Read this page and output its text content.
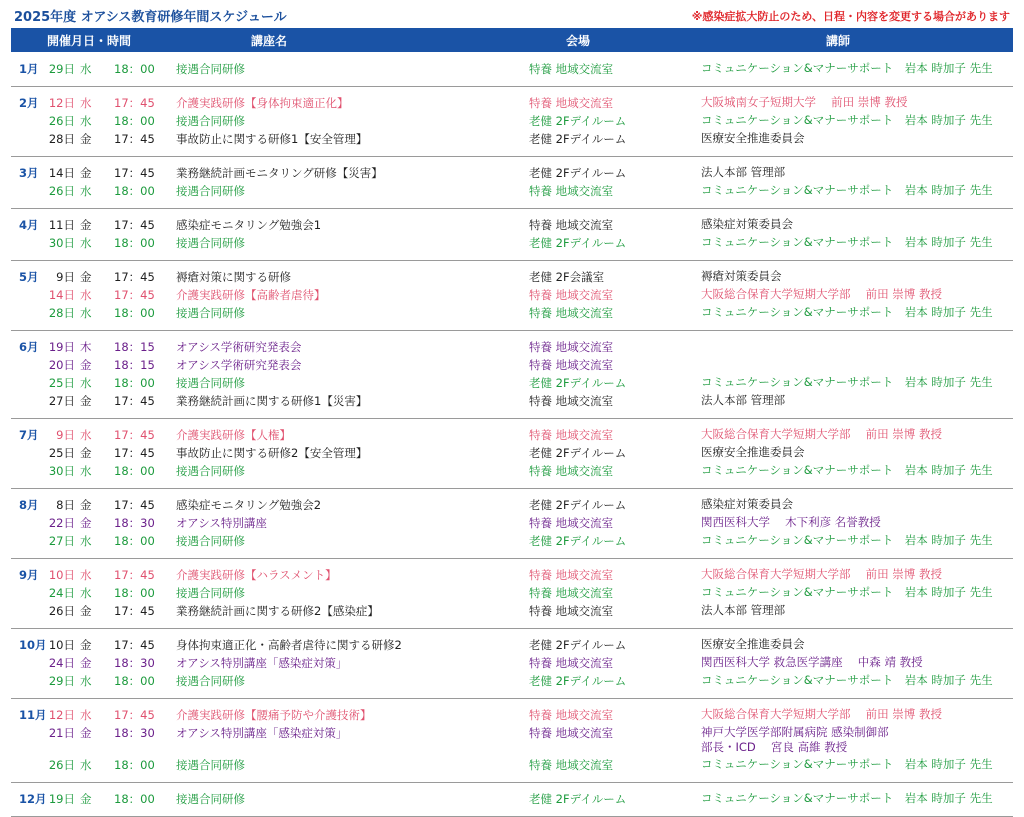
2025年度 オアシス教育研修年間スケジュール	※感染症拡大防止のため、日程・内容を変更する場合があります
開催月日・時間	講座名	会場	講師
1月 29日 水 18：00 接遇合同研修	特養 地域交流室	コミュニケーション&マナーサポート　岩本 時加子 先生
2月 12日 水 17：45 介護実践研修【身体拘束適正化】	特養 地域交流室	大阪城南女子短期大学　 前田 崇博 教授
26日 水 18：00 接遇合同研修	老健 2Fデイルーム	コミュニケーション&マナーサポート　岩本 時加子 先生
28日 金 17：45 事故防止に関する研修1【安全管理】	老健 2Fデイルーム	医療安全推進委員会
3月 14日 金 17：45 業務継続計画モニタリング研修【災害】	老健 2Fデイルーム	法人本部 管理部
26日 水 18：00 接遇合同研修	特養 地域交流室	コミュニケーション&マナーサポート　岩本 時加子 先生
4月 11日 金 17：45 感染症モニタリング勉強会1	特養 地域交流室	感染症対策委員会
30日 水 18：00 接遇合同研修	老健 2Fデイルーム	コミュニケーション&マナーサポート　岩本 時加子 先生
5月	9日 金 17：45 褥瘡対策に関する研修	老健 2F会議室	褥瘡対策委員会
14日 水 17：45 介護実践研修【高齢者虐待】	特養 地域交流室	大阪総合保育大学短期大学部　 前田 崇博 教授
28日 水 18：00 接遇合同研修	特養 地域交流室	コミュニケーション&マナーサポート　岩本 時加子 先生
6月 19日 木 18：15 オアシス学術研究発表会	特養 地域交流室
20日 金 18：15 オアシス学術研究発表会	特養 地域交流室
25日 水 18：00 接遇合同研修	老健 2Fデイルーム	コミュニケーション&マナーサポート　岩本 時加子 先生
27日 金 17：45 業務継続計画に関する研修1【災害】	特養 地域交流室	法人本部 管理部
7月	9日 水 17：45 介護実践研修【人権】	特養 地域交流室	大阪総合保育大学短期大学部　 前田 崇博 教授
25日 金 17：45 事故防止に関する研修2【安全管理】	老健 2Fデイルーム	医療安全推進委員会
30日 水 18：00 接遇合同研修	特養 地域交流室	コミュニケーション&マナーサポート　岩本 時加子 先生
8月	8日 金 17：45 感染症モニタリング勉強会2	老健 2Fデイルーム	感染症対策委員会
22日 金 18：30 オアシス特別講座	特養 地域交流室	関西医科大学　 木下利彦 名誉教授
27日 水 18：00 接遇合同研修	老健 2Fデイルーム	コミュニケーション&マナーサポート　岩本 時加子 先生
9月 10日 水 17：45 介護実践研修【ハラスメント】	特養 地域交流室	大阪総合保育大学短期大学部　 前田 崇博 教授
24日 水 18：00 接遇合同研修	特養 地域交流室	コミュニケーション&マナーサポート　岩本 時加子 先生
26日 金 17：45 業務継続計画に関する研修2【感染症】	特養 地域交流室	法人本部 管理部
10月 10日 金 17：45 身体拘束適正化・高齢者虐待に関する研修2	老健 2Fデイルーム	医療安全推進委員会
24日 金 18：30 オアシス特別講座「感染症対策」	特養 地域交流室	関西医科大学 救急医学講座　 中森 靖 教授
29日 水 18：00 接遇合同研修	老健 2Fデイルーム	コミュニケーション&マナーサポート　岩本 時加子 先生
11月 12日 水 17：45 介護実践研修【腰痛予防や介護技術】	特養 地域交流室	大阪総合保育大学短期大学部　 前田 崇博 教授
21日 金 18：30 オアシス特別講座「感染症対策」	特養 地域交流室	神戸大学医学部附属病院 感染制御部
部長・ICD　 宮良 高維 教授
26日 水 18：00 接遇合同研修	特養 地域交流室	コミュニケーション&マナーサポート　岩本 時加子 先生
12月 19日 金 18：00 接遇合同研修	老健 2Fデイルーム	コミュニケーション&マナーサポート　岩本 時加子 先生
